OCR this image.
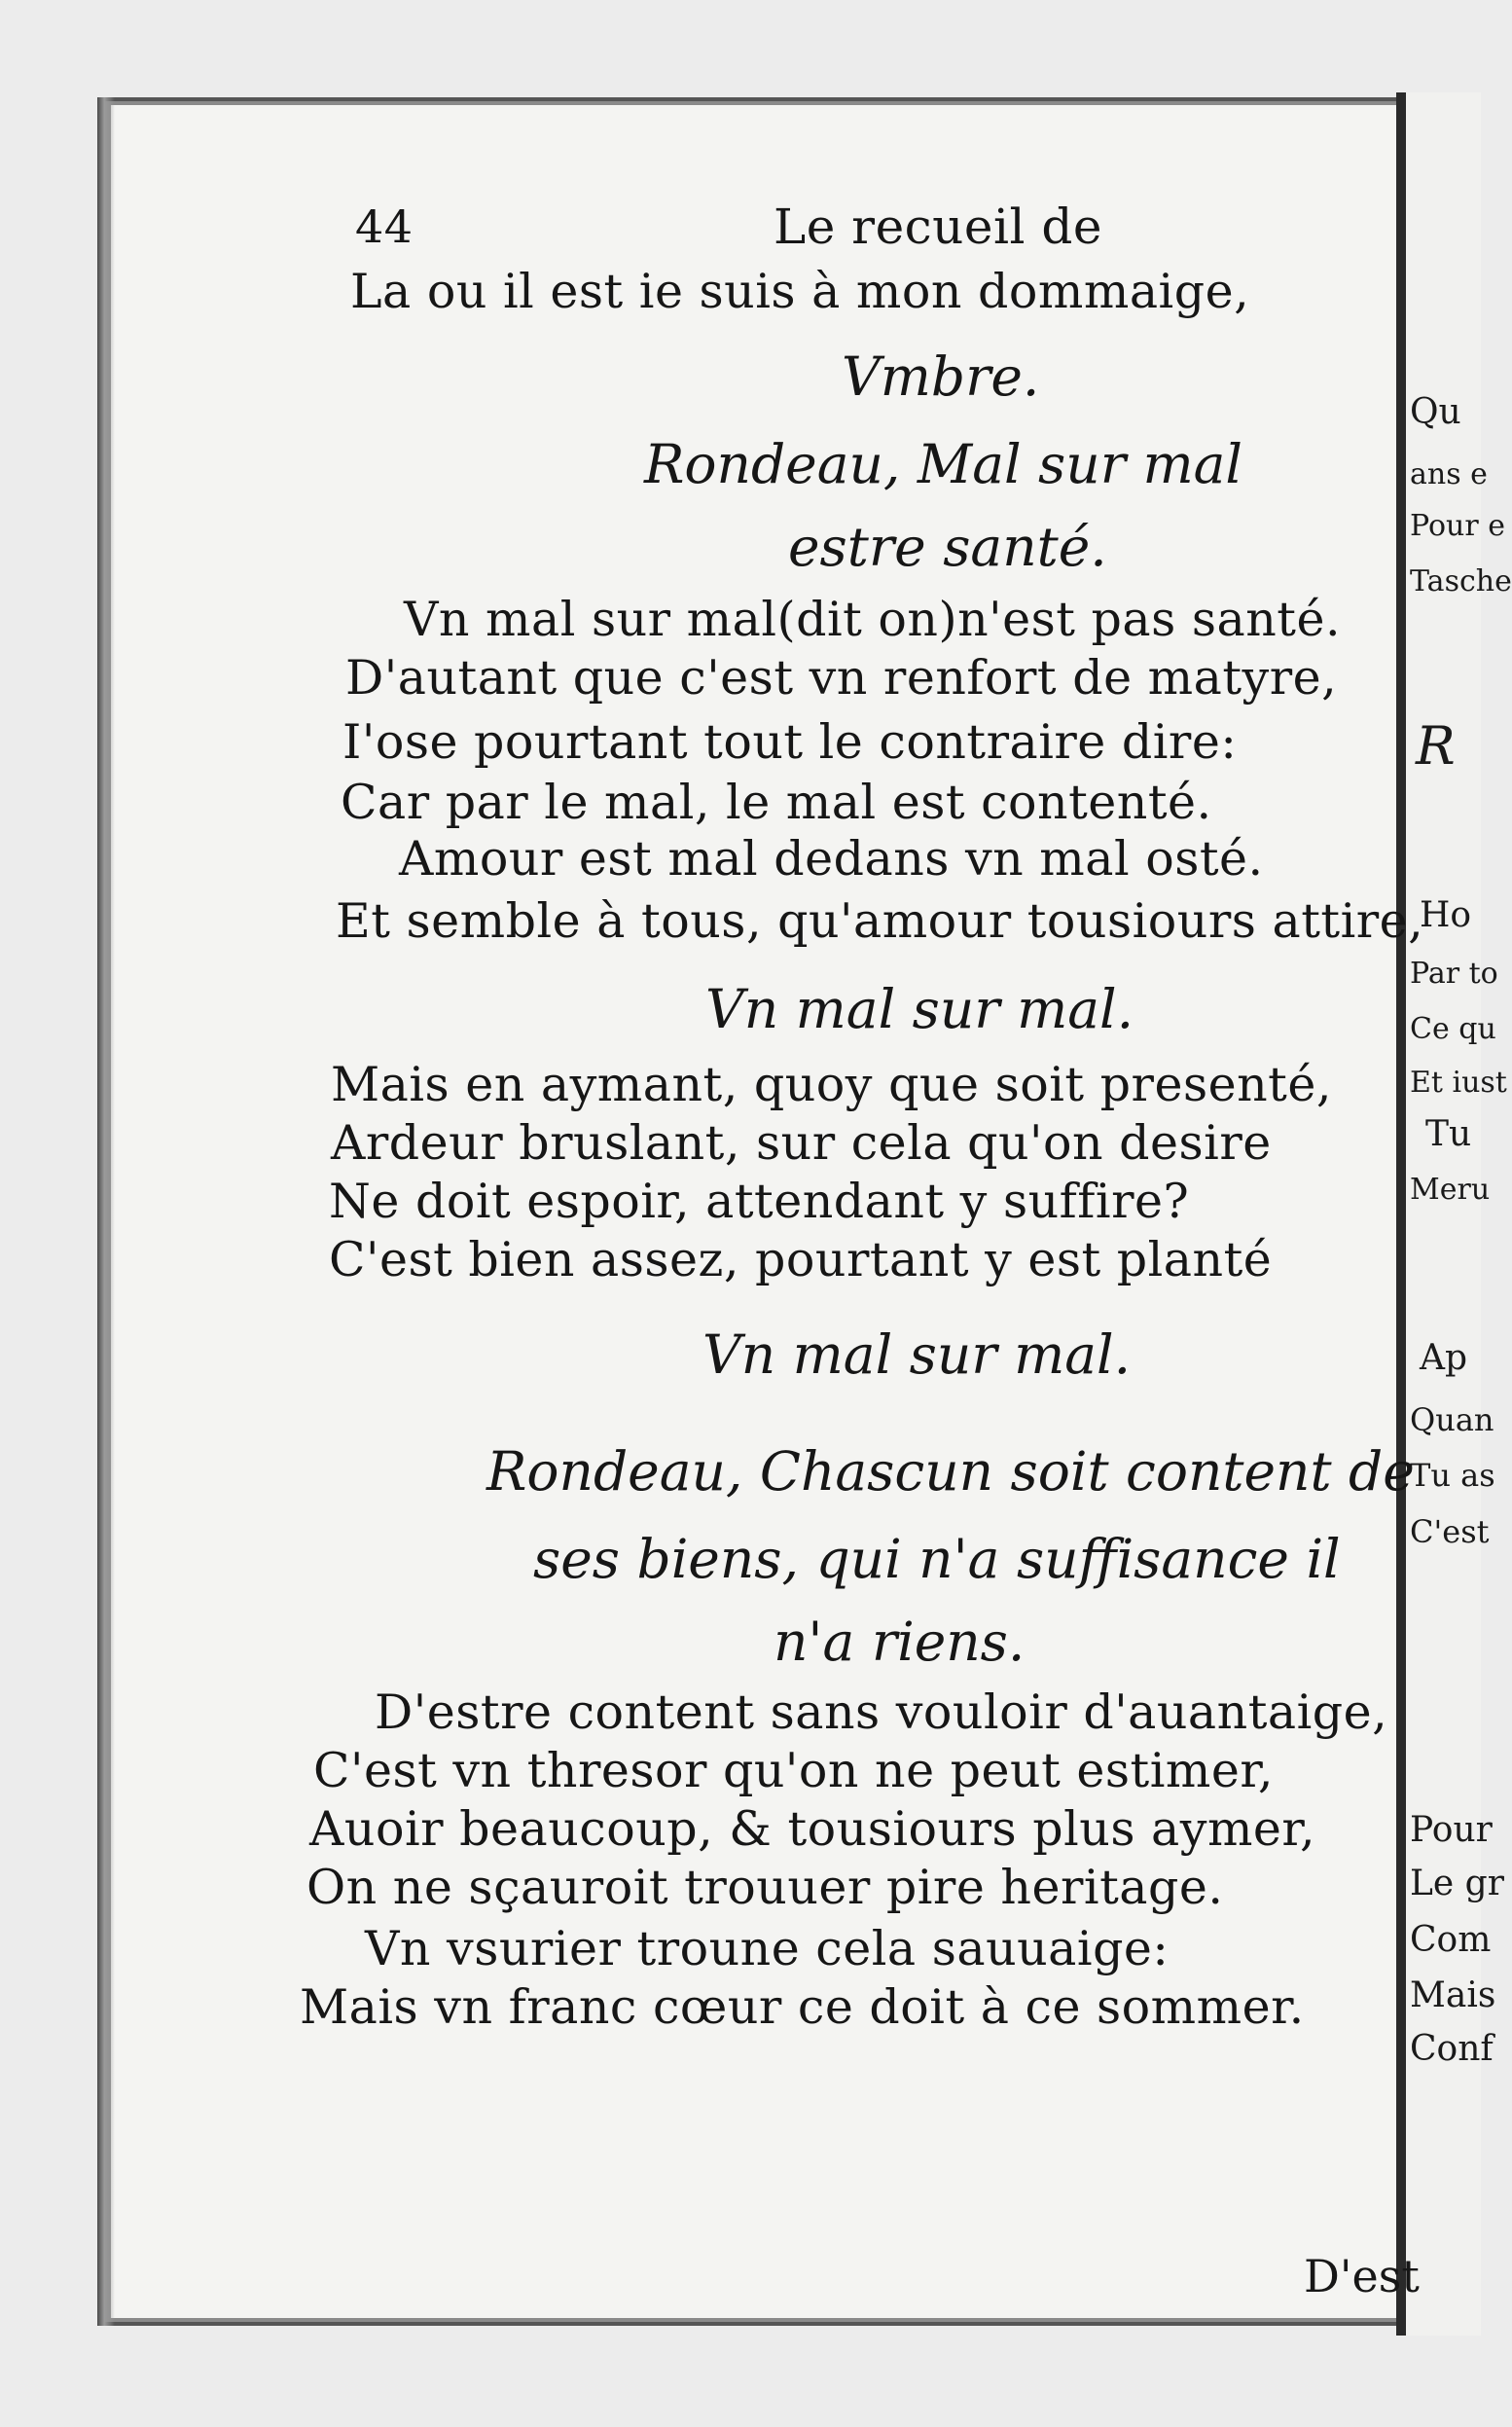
Qu
ans e
Pour e
Tasche
R
Ho
Par to
Ce qu
Et iust
Tu
Meru
Ap
Quan
Tu as
C'est
Pour
Le gr
Com
Mais
Conf
44	Le recueil de
La ou il est ie suis à mon dommaige,
Vmbre.
Rondeau, Mal sur mal
estre santé.
Vn mal sur mal(dit on)n'est pas santé.
D'autant que c'est vn renfort de matyre,
I'ose pourtant tout le contraire dire:
Car par le mal, le mal est contenté.
Amour est mal dedans vn mal osté.
Et semble à tous, qu'amour tousiours attire,
Vn mal sur mal.
Mais en aymant, quoy que soit presenté,
Ardeur bruslant, sur cela qu'on desire
Ne doit espoir, attendant y suffire?
C'est bien assez, pourtant y est planté
Vn mal sur mal.
Rondeau, Chascun soit content de
ses biens, qui n'a suffisance il
n'a riens.
D'estre content sans vouloir d'auantaige,
C'est vn thresor qu'on ne peut estimer,
Auoir beaucoup, & tousiours plus aymer,
On ne sçauroit trouuer pire heritage.
Vn vsurier troune cela sauuaige:
Mais vn franc cœur ce doit à ce sommer.
D'est
